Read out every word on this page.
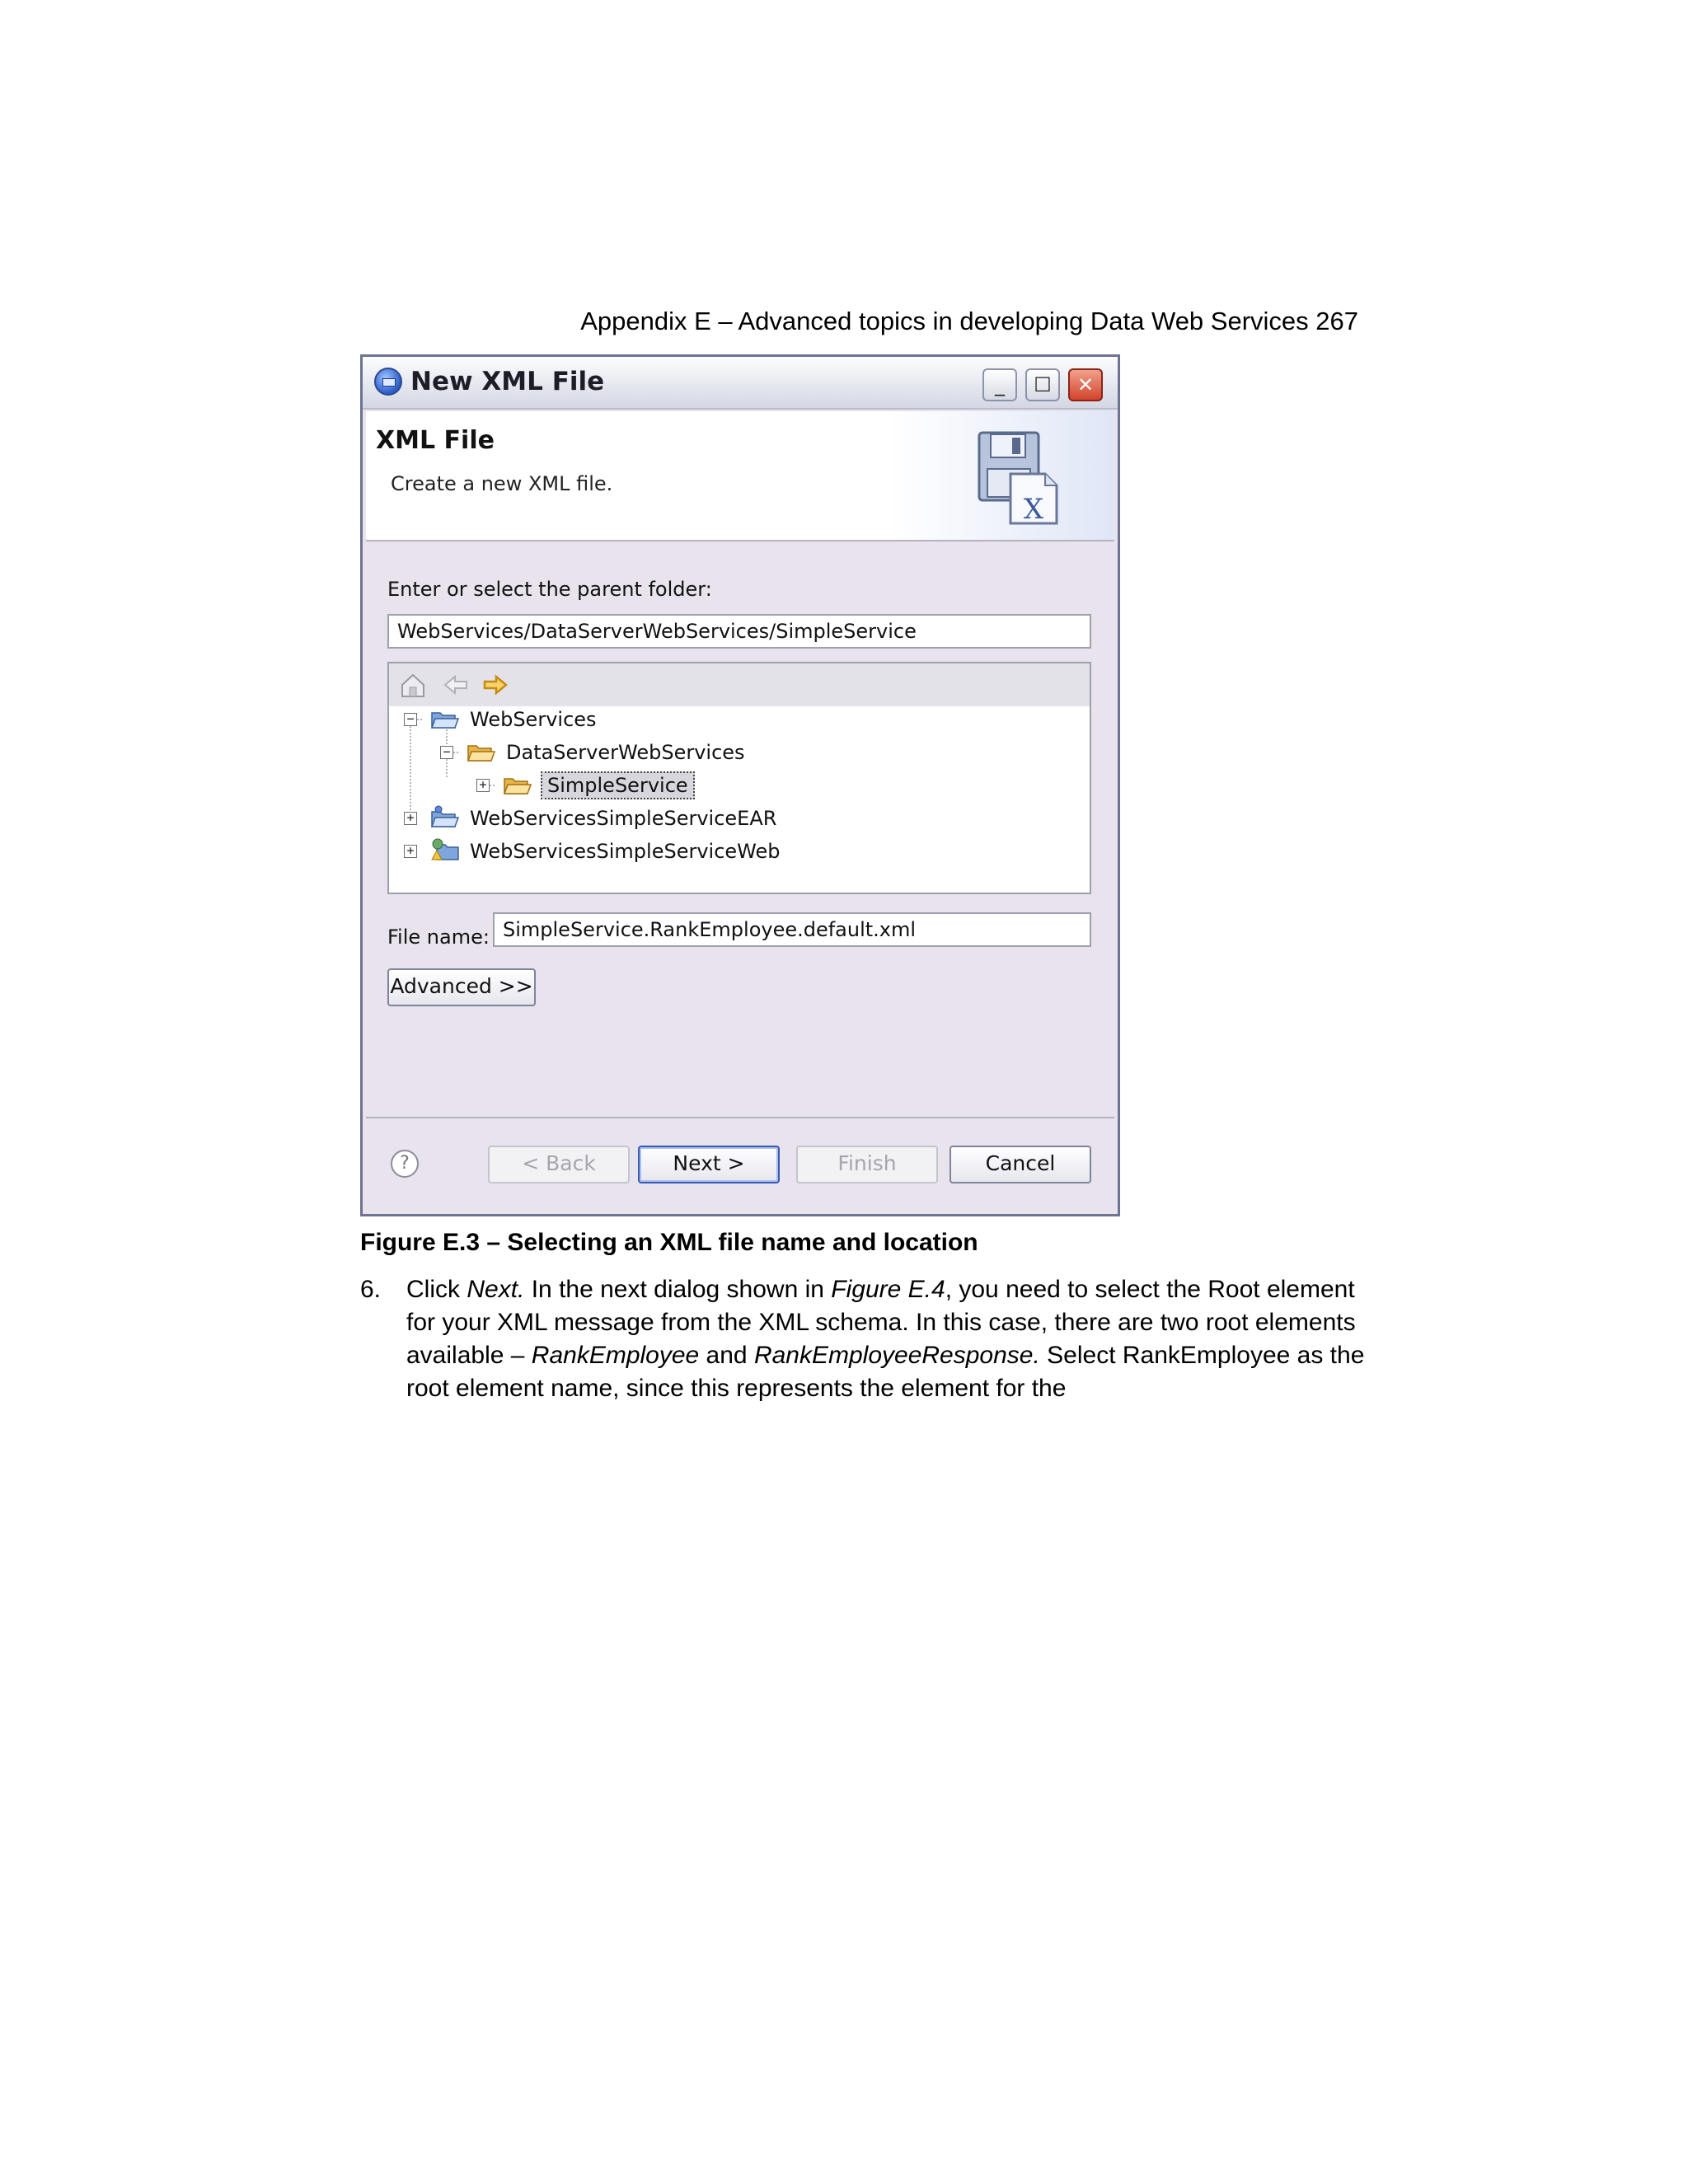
Appendix E – Advanced topics in developing Data Web Services 267
New XML File	_	☐	✕
XML File
Create a new XML file.
X
Enter or select the parent folder:
WebServices/DataServerWebServices/SimpleService
−	WebServices
−	DataServerWebServices
+	SimpleService
+	WebServicesSimpleServiceEAR
+	WebServicesSimpleServiceWeb
File name: SimpleService.RankEmployee.default.xml
Advanced >>
?	< Back	Next >	Finish	Cancel
Figure E.3 – Selecting an XML file name and location
6. Click Next. In the next dialog shown in Figure E.4, you need to select the Root element for your XML message from the XML schema. In this case, there are two root elements available – RankEmployee and RankEmployeeResponse. Select RankEmployee as the root element name, since this represents the element for the
